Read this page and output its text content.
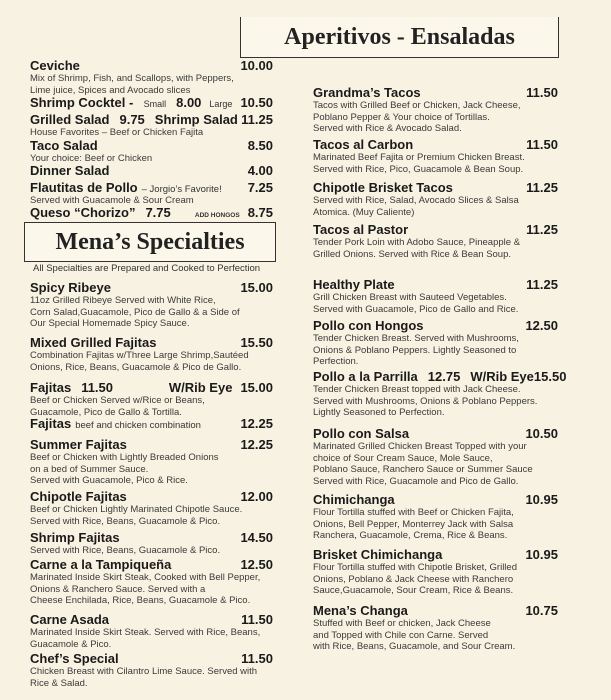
Aperitivos - Ensaladas
Mena’s Specialties
All Specialties are Prepared and Cooked to Perfection
Ceviche	10.00
Mix of Shrimp, Fish, and Scallops, with Peppers,
Lime juice, Spices and Avocado slices
Shrimp Cocktel - Small 8.00 Large 10.50
Grilled Salad 9.75 Shrimp Salad 11.25
House Favorites – Beef or Chicken Fajita
Taco Salad	8.50
Your choice: Beef or Chicken
Dinner Salad	4.00
Flautitas de Pollo – Jorgio’s Favorite! 7.25
Served with Guacamole & Sour Cream
Queso “Chorizo” 7.75	ADD HONGOS 8.75
Spicy Ribeye	15.00
11oz Grilled Ribeye Served with White Rice,
Corn Salad,Guacamole, Pico de Gallo & a Side of
Our Special Homemade Spicy Sauce.
Mixed Grilled Fajitas	15.50
Combination Fajitas w/Three Large Shrimp,Sautéed
Onions, Rice, Beans, Guacamole & Pico de Gallo.
Fajitas 11.50	W/Rib Eye 15.00
Beef or Chicken Served w/Rice or Beans,
Guacamole, Pico de Gallo & Tortilla.
Fajitas beef and chicken combination	12.25
Summer Fajitas	12.25
Beef or Chicken with Lightly Breaded Onions
on a bed of Summer Sauce.
Served with Guacamole, Pico & Rice.
Chipotle Fajitas	12.00
Beef or Chicken Lightly Marinated Chipotle Sauce.
Served with Rice, Beans, Guacamole & Pico.
Shrimp Fajitas	14.50
Served with Rice, Beans, Guacamole & Pico.
Carne a la Tampiqueña	12.50
Marinated Inside Skirt Steak, Cooked with Bell Pepper,
Onions & Ranchero Sauce. Served with a
Cheese Enchilada, Rice, Beans, Guacamole & Pico.
Carne Asada	11.50
Marinated Inside Skirt Steak. Served with Rice, Beans,
Guacamole & Pico.
Chef’s Special	11.50
Chicken Breast with Cilantro Lime Sauce. Served with
Rice & Salad.
Grandma’s Tacos	11.50
Tacos with Grilled Beef or Chicken, Jack Cheese,
Poblano Pepper & Your choice of Tortillas.
Served with Rice & Avocado Salad.
Tacos al Carbon	11.50
Marinated Beef Fajita or Premium Chicken Breast.
Served with Rice, Pico, Guacamole & Bean Soup.
Chipotle Brisket Tacos	11.25
Served with Rice, Salad, Avocado Slices & Salsa
Atomica. (Muy Caliente)
Tacos al Pastor	11.25
Tender Pork Loin with Adobo Sauce, Pineapple &
Grilled Onions. Served with Rice & Bean Soup.
Healthy Plate	11.25
Grill Chicken Breast with Sauteed Vegetables.
Served with Guacamole, Pico de Gallo and Rice.
Pollo con Hongos	12.50
Tender Chicken Breast. Served with Mushrooms,
Onions & Poblano Peppers. Lightly Seasoned to
Perfection.
Pollo a la Parrilla 12.75 W/Rib Eye 15.50
Tender Chicken Breast topped with Jack Cheese.
Served with Mushrooms, Onions & Poblano Peppers.
Lightly Seasoned to Perfection.
Pollo con Salsa	10.50
Marinated Grilled Chicken Breast Topped with your
choice of Sour Cream Sauce, Mole Sauce,
Poblano Sauce, Ranchero Sauce or Summer Sauce
Served with Rice, Guacamole and Pico de Gallo.
Chimichanga	10.95
Flour Tortilla stuffed with Beef or Chicken Fajita,
Onions, Bell Pepper, Monterrey Jack with Salsa
Ranchera, Guacamole, Crema, Rice & Beans.
Brisket Chimichanga	10.95
Flour Tortilla stuffed with Chipotle Brisket, Grilled
Onions, Poblano & Jack Cheese with Ranchero
Sauce,Guacamole, Sour Cream, Rice & Beans.
Mena’s Changa	10.75
Stuffed with Beef or chicken, Jack Cheese
and Topped with Chile con Carne. Served
with Rice, Beans, Guacamole, and Sour Cream.
